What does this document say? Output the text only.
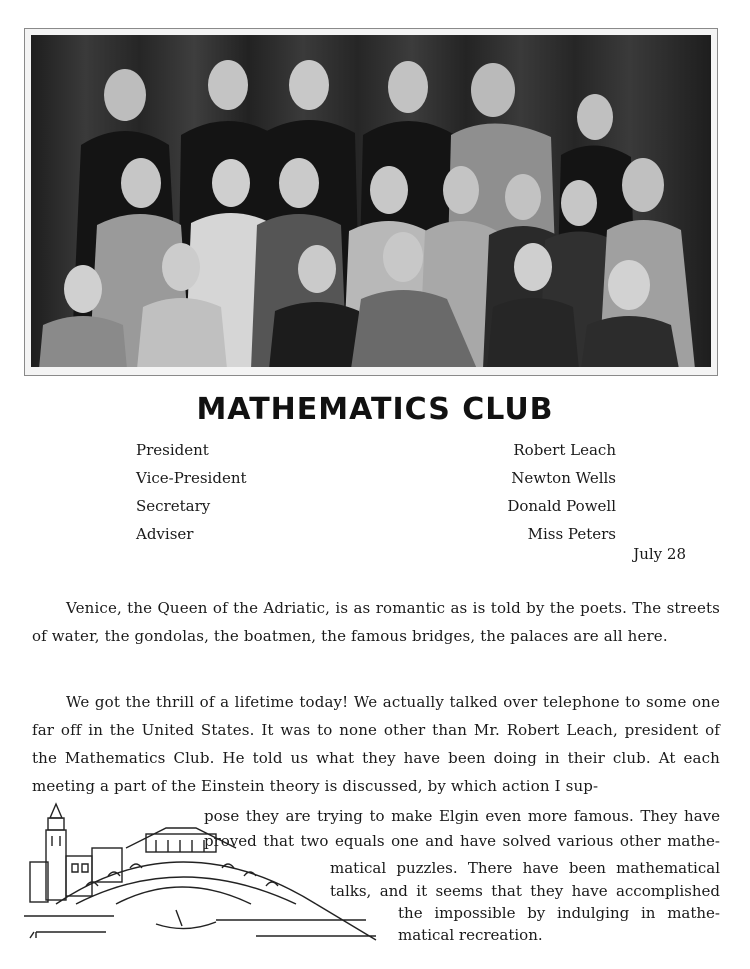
MATHEMATICS CLUB
President	Robert Leach
Vice-President	Newton Wells
Secretary	Donald Powell
Adviser	Miss Peters
July 28

Venice, the Queen of the Adriatic, is as romantic as is told by the poets. The streets of water, the gondolas, the boatmen, the famous bridges, the palaces are all here.

We got the thrill of a lifetime today! We actually talked over telephone to some one far off in the United States. It was to none other than Mr. Robert Leach, president of the Mathematics Club. He told us what they have been doing in their club. At each meeting a part of the Einstein theory is discussed, by which action I sup-

pose they are trying to make Elgin even more famous. They have
proved that two equals one and have solved various other mathe-
matical puzzles. There have been mathematical
talks, and it seems that they have accomplished
the impossible by indulging in mathe-
matical recreation.
